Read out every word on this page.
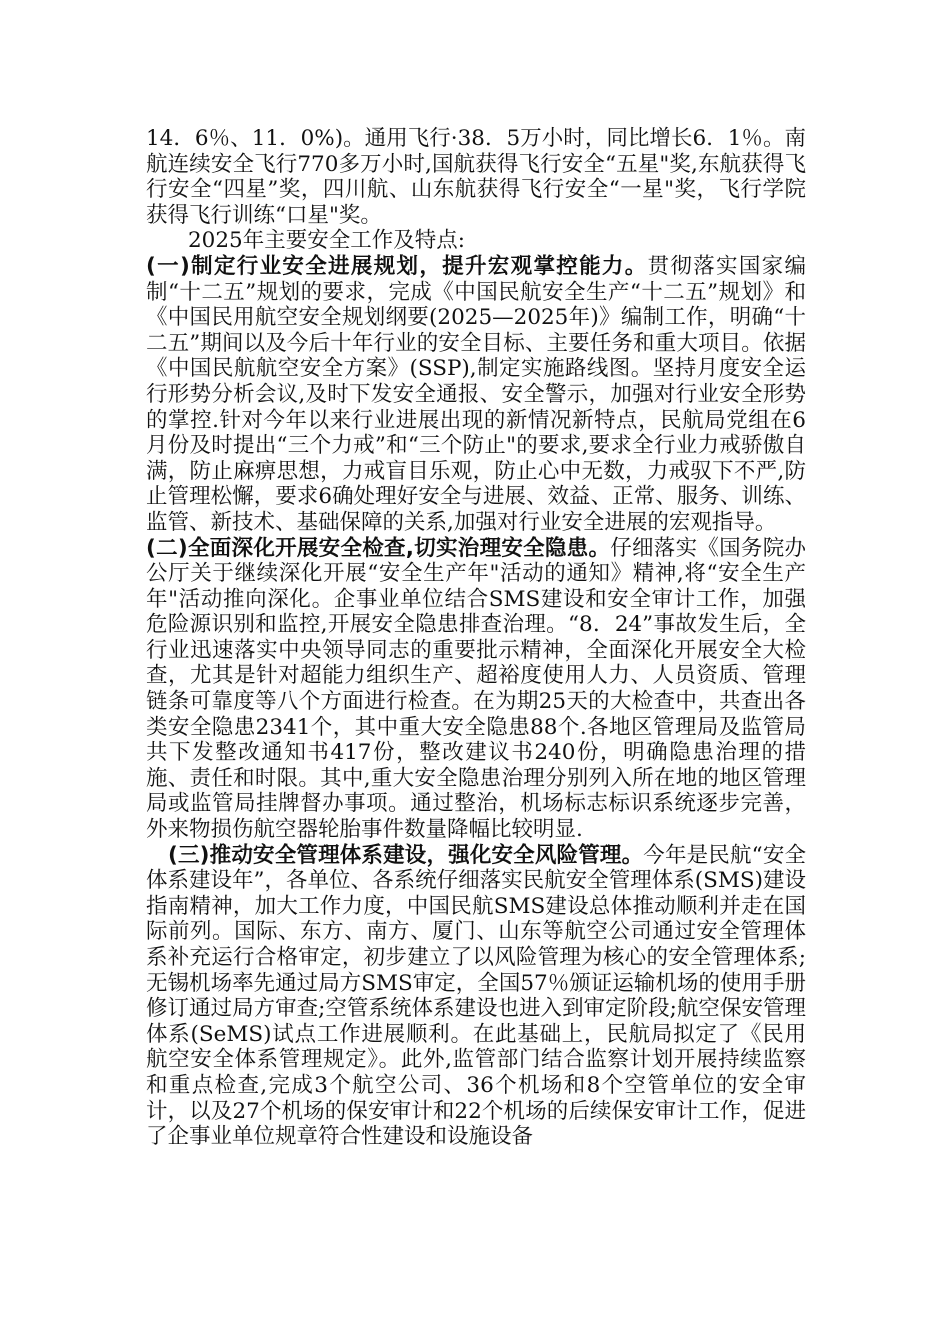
14．6％、11．0%)。通用飞行·38．5万小时，同比增长6．1％。南航连续安全飞行770多万小时,国航获得飞行安全“五星"奖,东航获得飞行安全“四星”奖，四川航、山东航获得飞行安全“一星"奖，飞行学院获得飞行训练“口星"奖。

2025年主要安全工作及特点:

(一)制定行业安全进展规划，提升宏观掌控能力。贯彻落实国家编制“十二五”规划的要求，完成《中国民航安全生产“十二五”规划》和《中国民用航空安全规划纲要(2025—2025年)》编制工作，明确“十二五”期间以及今后十年行业的安全目标、主要任务和重大项目。依据《中国民航航空安全方案》(SSP),制定实施路线图。坚持月度安全运行形势分析会议,及时下发安全通报、安全警示，加强对行业安全形势的掌控.针对今年以来行业进展出现的新情况新特点，民航局党组在6月份及时提出“三个力戒”和“三个防止"的要求,要求全行业力戒骄傲自满，防止麻痹思想，力戒盲目乐观，防止心中无数，力戒驭下不严,防止管理松懈，要求6确处理好安全与进展、效益、正常、服务、训练、监管、新技术、基础保障的关系,加强对行业安全进展的宏观指导。

(二)全面深化开展安全检查,切实治理安全隐患。仔细落实《国务院办公厅关于继续深化开展“安全生产年"活动的通知》精神,将“安全生产年"活动推向深化。企事业单位结合SMS建设和安全审计工作，加强危险源识别和监控,开展安全隐患排查治理。“8．24”事故发生后，全行业迅速落实中央领导同志的重要批示精神，全面深化开展安全大检查，尤其是针对超能力组织生产、超裕度使用人力、人员资质、管理链条可靠度等八个方面进行检查。在为期25天的大检查中，共查出各类安全隐患2341个，其中重大安全隐患88个.各地区管理局及监管局共下发整改通知书417份，整改建议书240份，明确隐患治理的措施、责任和时限。其中,重大安全隐患治理分别列入所在地的地区管理局或监管局挂牌督办事项。通过整治，机场标志标识系统逐步完善，外来物损伤航空器轮胎事件数量降幅比较明显.

(三)推动安全管理体系建设，强化安全风险管理。今年是民航“安全体系建设年”，各单位、各系统仔细落实民航安全管理体系(SMS)建设指南精神，加大工作力度，中国民航SMS建设总体推动顺利并走在国际前列。国际、东方、南方、厦门、山东等航空公司通过安全管理体系补充运行合格审定，初步建立了以风险管理为核心的安全管理体系;无锡机场率先通过局方SMS审定，全国57％颁证运输机场的使用手册修订通过局方审查;空管系统体系建设也进入到审定阶段;航空保安管理体系(SeMS)试点工作进展顺利。在此基础上，民航局拟定了《民用航空安全体系管理规定》。此外,监管部门结合监察计划开展持续监察和重点检查,完成3个航空公司、36个机场和8个空管单位的安全审计，以及27个机场的保安审计和22个机场的后续保安审计工作，促进了企事业单位规章符合性建设和设施设备
